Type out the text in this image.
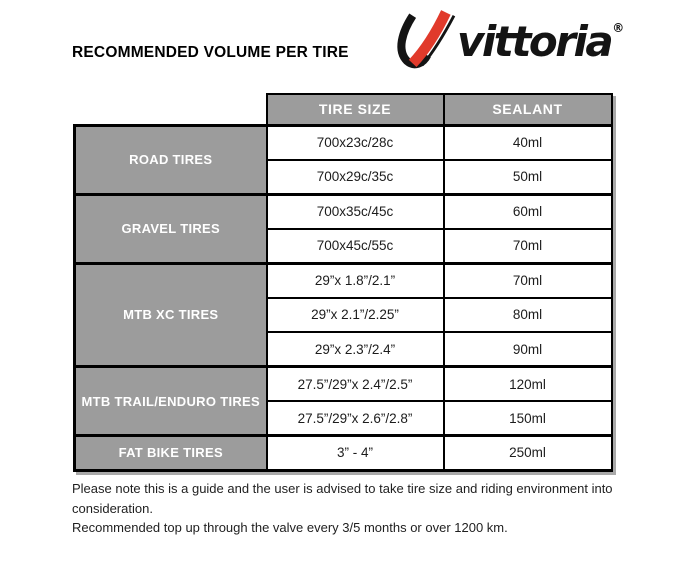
RECOMMENDED VOLUME PER TIRE	vittoria®
	TIRE SIZE	SEALANT
ROAD TIRES	700x23c/28c	40ml
	700x29c/35c	50ml
GRAVEL TIRES	700x35c/45c	60ml
	700x45c/55c	70ml
MTB XC TIRES	29”x 1.8”/2.1”	70ml
	29”x 2.1”/2.25”	80ml
	29”x 2.3”/2.4”	90ml
MTB TRAIL/ENDURO TIRES	27.5”/29”x 2.4”/2.5”	120ml
	27.5”/29”x 2.6”/2.8”	150ml
FAT BIKE TIRES	3” - 4”	250ml
Please note this is a guide and the user is advised to take tire size and riding environment into consideration.
Recommended top up through the valve every 3/5 months or over 1200 km.
